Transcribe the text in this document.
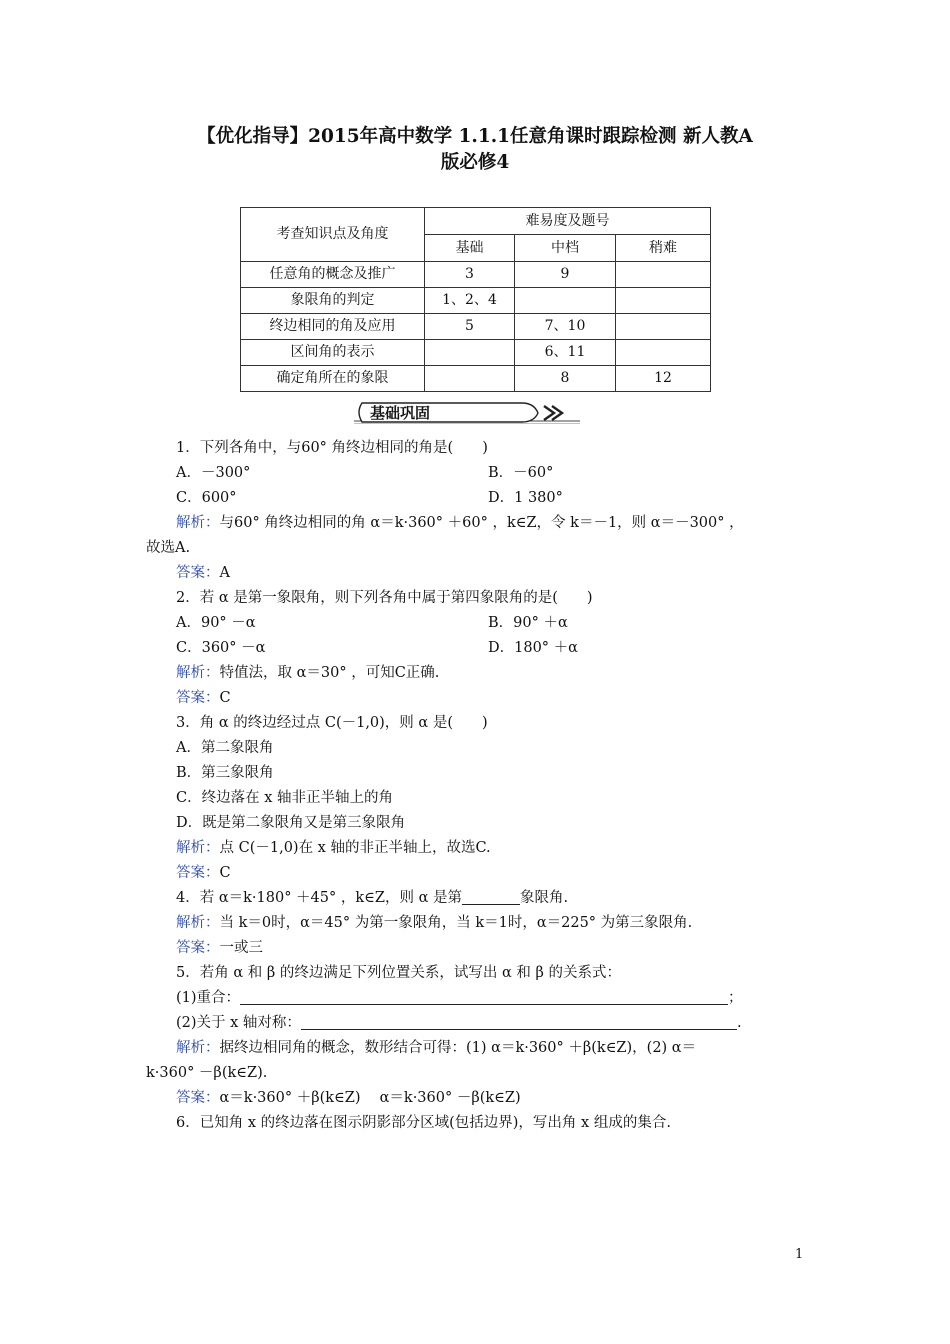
【优化指导】2015年高中数学 1.1.1任意角课时跟踪检测 新人教A
版必修4
考查知识点及角度	难易度及题号		
	基础	中档	稍难
任意角的概念及推广	3	9	
象限角的判定	1、2、4		
终边相同的角及应用	5	7、10	
区间角的表示		6、11	
确定角所在的象限		8	12
基础巩固
1．下列各角中，与60° 角终边相同的角是(　　)
A．－300°	B．－60°
C．600°	D．1 380°
解析：与60° 角终边相同的角 α＝k·360° ＋60° ，k∈Z，令 k＝－1，则 α＝－300° ，
故选A.
答案：A
2．若 α 是第一象限角，则下列各角中属于第四象限角的是(　　)
A．90° －α	B．90° ＋α
C．360° －α	D．180° ＋α
解析：特值法，取 α＝30° ，可知C正确.
答案：C
3．角 α 的终边经过点 C(－1,0)，则 α 是(　　)
A．第二象限角
B．第三象限角
C．终边落在 x 轴非正半轴上的角
D．既是第二象限角又是第三象限角
解析：点 C(－1,0)在 x 轴的非正半轴上，故选C.
答案：C
4．若 α＝k·180° ＋45° ，k∈Z，则 α 是第	象限角.
解析：当 k＝0时，α＝45° 为第一象限角，当 k＝1时，α＝225° 为第三象限角.
答案：一或三
5．若角 α 和 β 的终边满足下列位置关系，试写出 α 和 β 的关系式：
(1)重合：	；
(2)关于 x 轴对称：	.
解析：据终边相同角的概念，数形结合可得：(1) α＝k·360° ＋β(k∈Z)，(2) α＝
k·360° －β(k∈Z).
答案：α＝k·360° ＋β(k∈Z)　 α＝k·360° －β(k∈Z)
6．已知角 x 的终边落在图示阴影部分区域(包括边界)，写出角 x 组成的集合.
1
